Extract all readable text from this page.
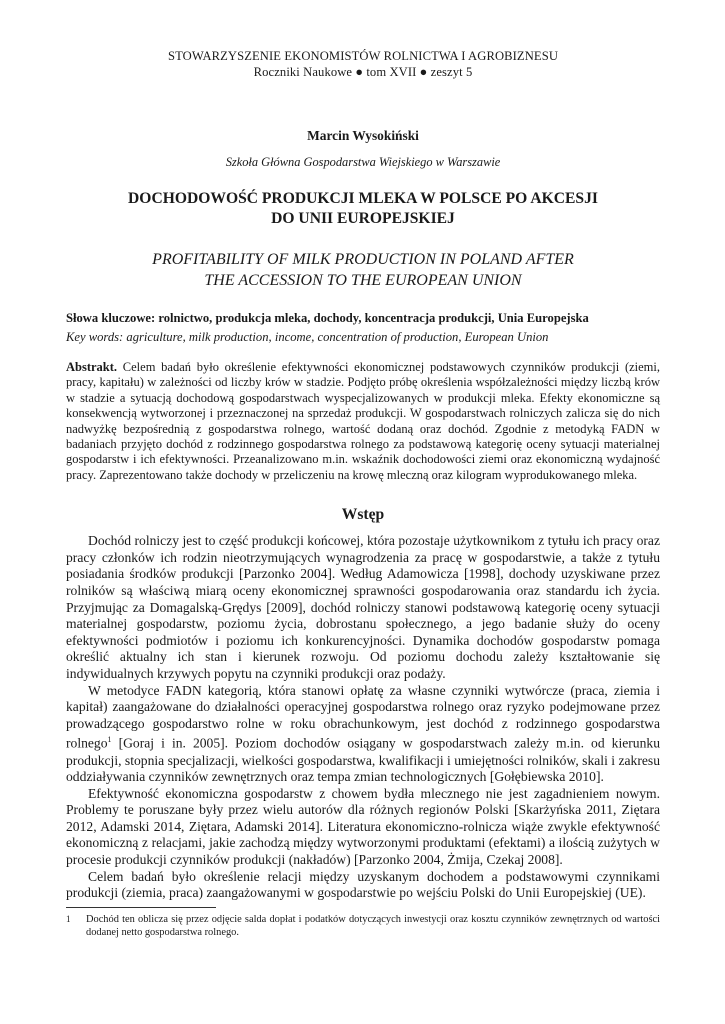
STOWARZYSZENIE EKONOMISTÓW ROLNICTWA I AGROBIZNESU
Roczniki Naukowe ● tom XVII ● zeszyt 5
Marcin Wysokiński
Szkoła Główna Gospodarstwa Wiejskiego w Warszawie
DOCHODOWOŚĆ PRODUKCJI MLEKA W POLSCE PO AKCESJI
DO UNII EUROPEJSKIEJ
PROFITABILITY OF MILK PRODUCTION IN POLAND AFTER
THE ACCESSION TO THE EUROPEAN UNION
Słowa kluczowe: rolnictwo, produkcja mleka, dochody, koncentracja produkcji, Unia Europejska
Key words: agriculture, milk production, income, concentration of production, European Union
Abstrakt. Celem badań było określenie efektywności ekonomicznej podstawowych czynników produkcji (ziemi, pracy, kapitału) w zależności od liczby krów w stadzie. Podjęto próbę określenia współzależności między liczbą krów w stadzie a sytuacją dochodową gospodarstwach wyspecjalizowanych w produkcji mleka. Efekty ekonomiczne są konsekwencją wytworzonej i przeznaczonej na sprzedaż produkcji. W gospodarstwach rolniczych zalicza się do nich nadwyżkę bezpośrednią z gospodarstwa rolnego, wartość dodaną oraz dochód. Zgodnie z metodyką FADN w badaniach przyjęto dochód z rodzinnego gospodarstwa rolnego za podstawową kategorię oceny sytuacji materialnej gospodarstw i ich efektywności. Przeanalizowano m.in. wskaźnik dochodowości ziemi oraz ekonomiczną wydajność pracy. Zaprezentowano także dochody w przeliczeniu na krowę mleczną oraz kilogram wyprodukowanego mleka.
Wstęp

Dochód rolniczy jest to część produkcji końcowej, która pozostaje użytkownikom z tytułu ich pracy oraz pracy członków ich rodzin nieotrzymujących wynagrodzenia za pracę w gospodarstwie, a także z tytułu posiadania środków produkcji [Parzonko 2004]. Według Adamowicza [1998], dochody uzyskiwane przez rolników są właściwą miarą oceny ekonomicznej sprawności gospodarowania oraz standardu ich życia. Przyjmując za Domagalską-Grędys [2009], dochód rolniczy stanowi podstawową kategorię oceny sytuacji materialnej gospodarstw, poziomu życia, dobrostanu społecznego, a jego badanie służy do oceny efektywności podmiotów i poziomu ich konkurencyjności. Dynamika dochodów gospodarstw pomaga określić aktualny ich stan i kierunek rozwoju. Od poziomu dochodu zależy kształtowanie się indywidualnych krzywych popytu na czynniki produkcji oraz podaży.

W metodyce FADN kategorią, która stanowi opłatę za własne czynniki wytwórcze (praca, ziemia i kapitał) zaangażowane do działalności operacyjnej gospodarstwa rolnego oraz ryzyko podejmowane przez prowadzącego gospodarstwo rolne w roku obrachunkowym, jest dochód z rodzinnego gospodarstwa rolnego$^1$ [Goraj i in. 2005]. Poziom dochodów osiągany w gospodarstwach zależy m.in. od kierunku produkcji, stopnia specjalizacji, wielkości gospodarstwa, kwalifikacji i umiejętności rolników, skali i zakresu oddziaływania czynników zewnętrznych oraz tempa zmian technologicznych [Gołębiewska 2010].

Efektywność ekonomiczna gospodarstw z chowem bydła mlecznego nie jest zagadnieniem nowym. Problemy te poruszane były przez wielu autorów dla różnych regionów Polski [Skarżyńska 2011, Ziętara 2012, Adamski 2014, Ziętara, Adamski 2014]. Literatura ekonomiczno-rolnicza wiąże zwykle efektywność ekonomiczną z relacjami, jakie zachodzą między wytworzonymi produktami (efektami) a ilością zużytych w procesie produkcji czynników produkcji (nakładów) [Parzonko 2004, Żmija, Czekaj 2008].

Celem badań było określenie relacji między uzyskanym dochodem a podstawowymi czynnikami produkcji (ziemia, praca) zaangażowanymi w gospodarstwie po wejściu Polski do Unii Europejskiej (UE).

1	Dochód ten oblicza się przez odjęcie salda dopłat i podatków dotyczących inwestycji oraz kosztu czynników zewnętrznych od wartości dodanej netto gospodarstwa rolnego.
